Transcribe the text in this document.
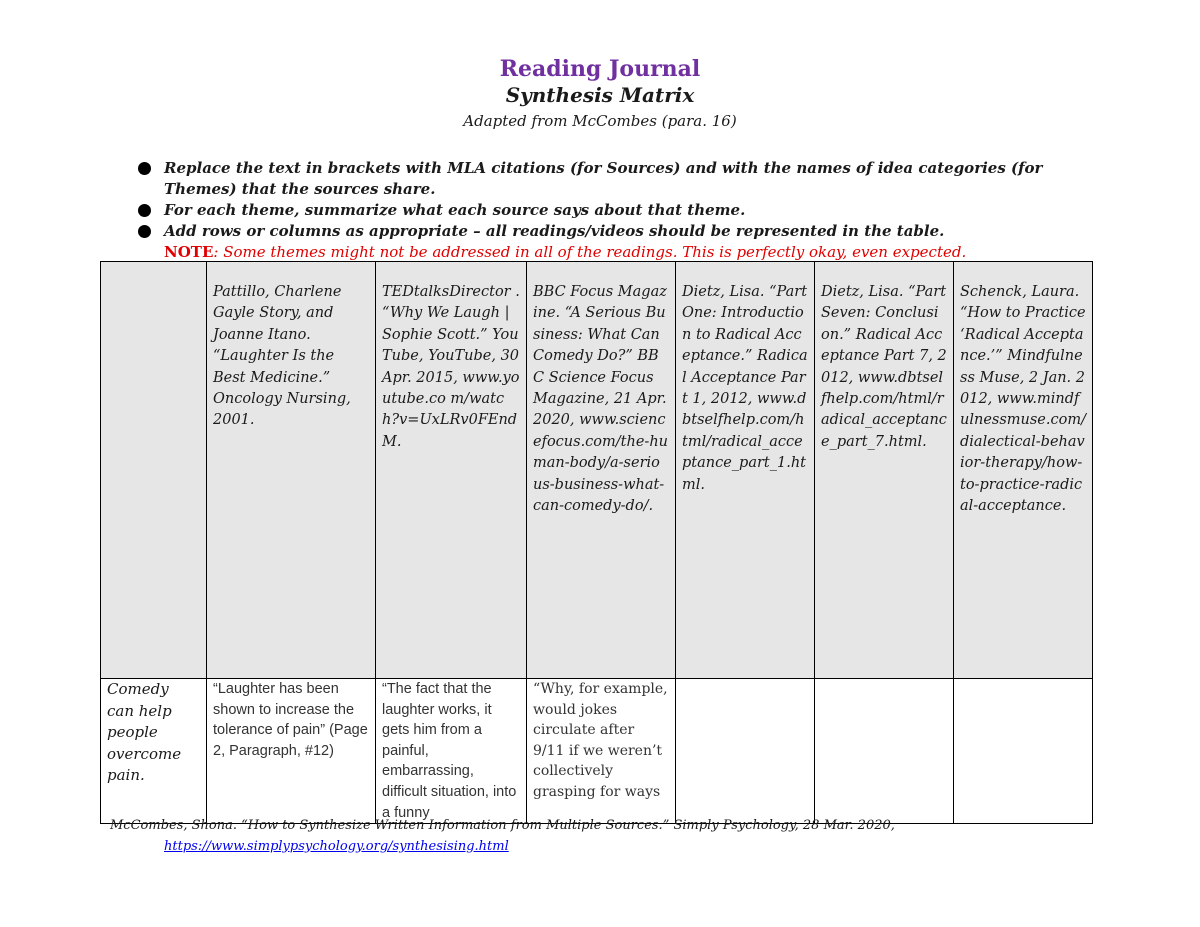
Reading Journal
Synthesis Matrix
Adapted from McCombes (para. 16)
Replace the text in brackets with MLA citations (for Sources) and with the names of idea categories (for Themes) that the sources share.
For each theme, summarize what each source says about that theme.
Add rows or columns as appropriate – all readings/videos should be represented in the table.
NOTE: Some themes might not be addressed in all of the readings. This is perfectly okay, even expected.
	Pattillo, Charlene Gayle Story, and Joanne Itano. “Laughter Is the Best Medicine.” Oncology Nursing, 2001.	TEDtalksDirector . “Why We Laugh | Sophie Scott.” YouTube, YouTube, 30 Apr. 2015, www.youtube.co m/watch?v=UxLRv0FEndM.	BBC Focus Magazine. “A Serious Business: What Can Comedy Do?” BBC Science Focus Magazine, 21 Apr. 2020, www.sciencefocus.com/the-human-body/a-serious-business-what-can-comedy-do/.	Dietz, Lisa. “Part One: Introduction to Radical Acceptance.” Radical Acceptance Part 1, 2012, www.dbtselfhelp.com/html/radical_acceptance_part_1.html.	Dietz, Lisa. “Part Seven: Conclusion.” Radical Acceptance Part 7, 2012, www.dbtselfhelp.com/html/radical_acceptance_part_7.html.	Schenck, Laura. “How to Practice ‘Radical Acceptance.’” Mindfulness Muse, 2 Jan. 2012, www.mindfulnessmuse.com/dialectical-behavior-therapy/how-to-practice-radical-acceptance.
Comedy can help people overcome pain.	“Laughter has been shown to increase the tolerance of pain” (Page 2, Paragraph, #12)	“The fact that the laughter works, it gets him from a painful, embarrassing, difficult situation, into a funny	“Why, for example, would jokes circulate after 9/11 if we weren’t collectively grasping for ways			
McCombes, Shona. “How to Synthesize Written Information from Multiple Sources.” Simply Psychology, 28 Mar. 2020,
https://www.simplypsychology.org/synthesising.html
